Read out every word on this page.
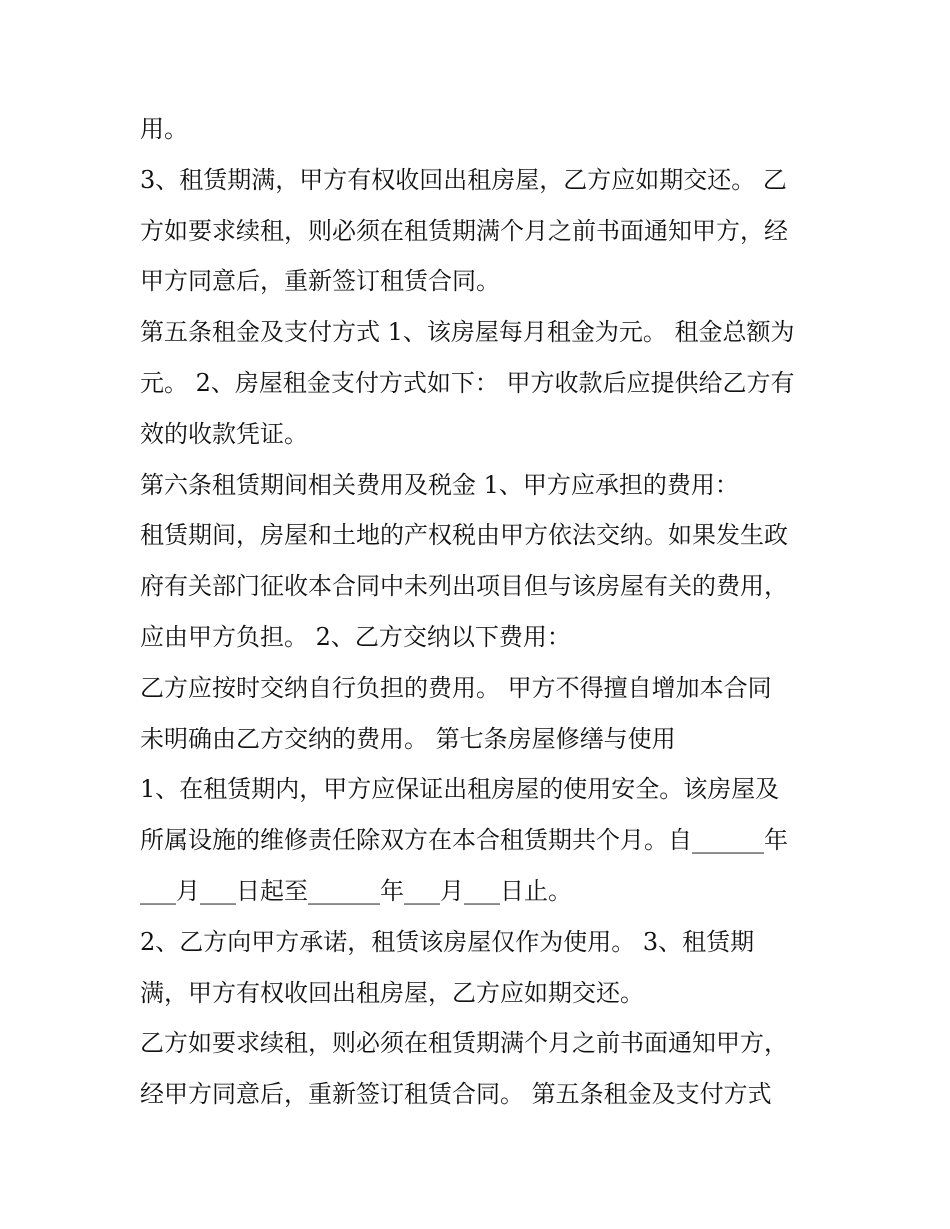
用。
3、租赁期满，甲方有权收回出租房屋，乙方应如期交还。 乙
方如要求续租，则必须在租赁期满个月之前书面通知甲方，经
甲方同意后，重新签订租赁合同。
第五条租金及支付方式 1、该房屋每月租金为元。 租金总额为
元。 2、房屋租金支付方式如下： 甲方收款后应提供给乙方有
效的收款凭证。
第六条租赁期间相关费用及税金 1、甲方应承担的费用：
租赁期间，房屋和土地的产权税由甲方依法交纳。如果发生政
府有关部门征收本合同中未列出项目但与该房屋有关的费用，
应由甲方负担。 2、乙方交纳以下费用：
乙方应按时交纳自行负担的费用。 甲方不得擅自增加本合同
未明确由乙方交纳的费用。 第七条房屋修缮与使用
1、在租赁期内，甲方应保证出租房屋的使用安全。该房屋及
所属设施的维修责任除双方在本合租赁期共个月。自______年
___月___日起至______年___月___日止。
2、乙方向甲方承诺，租赁该房屋仅作为使用。 3、租赁期
满，甲方有权收回出租房屋，乙方应如期交还。
乙方如要求续租，则必须在租赁期满个月之前书面通知甲方，
经甲方同意后，重新签订租赁合同。 第五条租金及支付方式
